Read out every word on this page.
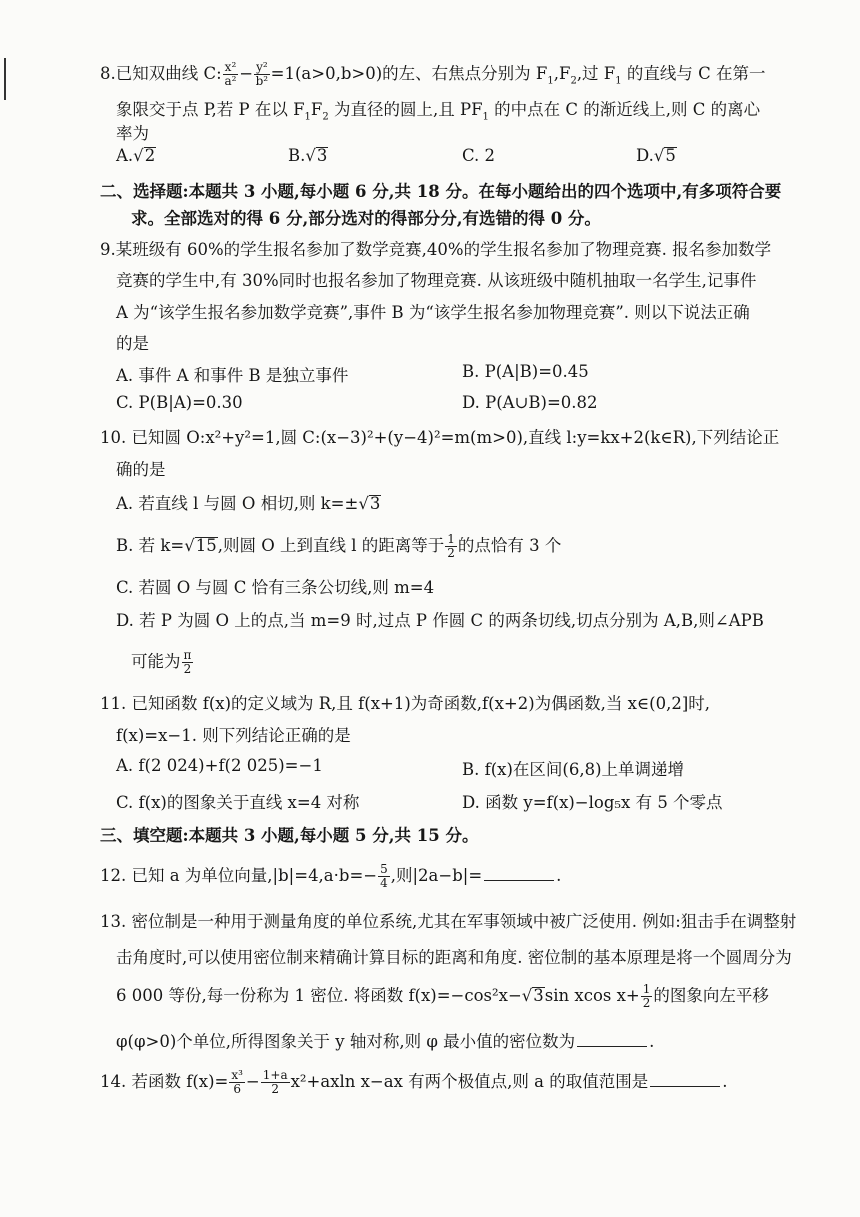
8.已知双曲线 C: $\frac{\text{x²}}{\text{a²}} - \frac{\text{y²}}{\text{b²}} =1(a>0,b>0)$的左、右焦点分别为 $F_1,F_2$,过 $F_1$ 的直线与 C 在第一
象限交于点 P,若 P 在以 $F_1F_2$ 为直径的圆上,且 $PF_1$ 的中点在 C 的渐近线上,则 C 的离心
率为
A.√2	B.√3	C. 2	D.√5
二、选择题:本题共 3 小题,每小题 6 分,共 18 分。在每小题给出的四个选项中,有多项符合要
求。全部选对的得 6 分,部分选对的得部分分,有选错的得 0 分。
9.某班级有 60%的学生报名参加了数学竞赛,40%的学生报名参加了物理竞赛. 报名参加数学
竞赛的学生中,有 30%同时也报名参加了物理竞赛. 从该班级中随机抽取一名学生,记事件
A 为“该学生报名参加数学竞赛”,事件 B 为“该学生报名参加物理竞赛”. 则以下说法正确
的是
A. 事件 A 和事件 B 是独立事件	B. P(A|B)=0.45
C. P(B|A)=0.30	D. P(A∪B)=0.82
10. 已知圆 O:x²+y²=1,圆 C:(x−3)²+(y−4)²=m(m>0),直线 l:y=kx+2(k∈R),下列结论正
确的是
A. 若直线 l 与圆 O 相切,则 k=±√3
B. 若 k=√15,则圆 O 上到直线 l 的距离等于 $\frac{1}{2}$ 的点恰有 3 个
C. 若圆 O 与圆 C 恰有三条公切线,则 m=4
D. 若 P 为圆 O 上的点,当 m=9 时,过点 P 作圆 C 的两条切线,切点分别为 A,B,则∠APB
可能为 $\frac{\pi}{2}$
11. 已知函数 f(x)的定义域为 R,且 f(x+1)为奇函数,f(x+2)为偶函数,当 x∈(0,2]时,
f(x)=x−1. 则下列结论正确的是
A. f(2 024)+f(2 025)=−1	B. f(x)在区间(6,8)上单调递增
C. f(x)的图象关于直线 x=4 对称	D. 函数 y=f(x)−log₅x 有 5 个零点
三、填空题:本题共 3 小题,每小题 5 分,共 15 分。
12. 已知 a 为单位向量$,|b|=4,a\cdot b=- \frac{5}{4}$ ,则|2a−b|=	.
13. 密位制是一种用于测量角度的单位系统,尤其在军事领域中被广泛使用. 例如:狙击手在调整射
击角度时,可以使用密位制来精确计算目标的距离和角度. 密位制的基本原理是将一个圆周分为
6 000 等份,每一份称为 1 密位. 将函数 f(x)=−cos²x−√3sin xcos $x+ \frac{1}{2}$ 的图象向左平移
φ(φ>0)个单位,所得图象关于 y 轴对称,则 φ 最小值的密位数为	.
14. 若函数 $f(x)= \frac{\text{x³}}{6} - \frac{1+a}{2} x^2+axln$ x−ax 有两个极值点,则 a 的取值范围是	.
